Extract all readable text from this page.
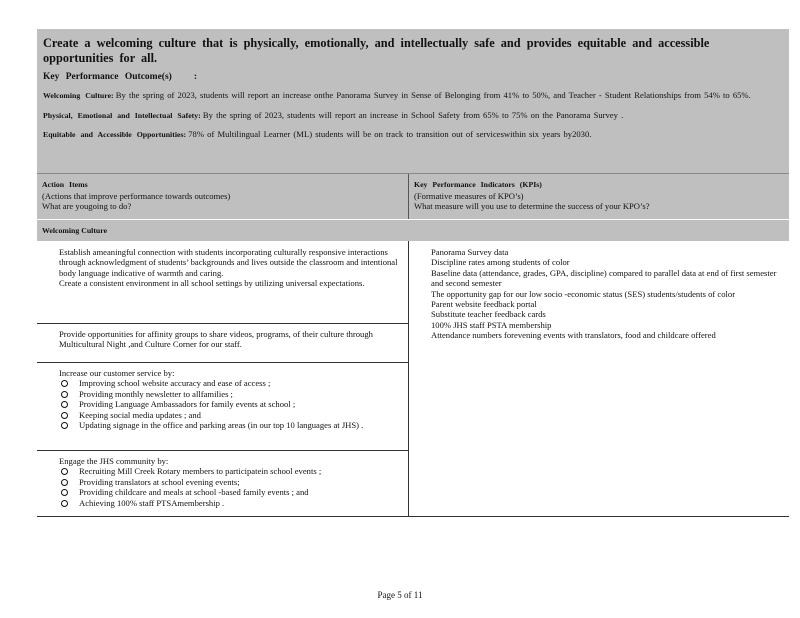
Create a welcoming culture that is physically, emotionally, and intellectually safe and provides equitable and accessible opportunities for all.

Key Performance Outcome(s) :

Welcoming Culture: By the spring of 2023, students will report an increase onthe Panorama Survey in Sense of Belonging from 41% to 50%, and Teacher - Student Relationships from 54% to 65%.

Physical, Emotional and Intellectual Safety: By the spring of 2023, students will report an increase in School Safety from 65% to 75% on the Panorama Survey .

Equitable and Accessible Opportunities: 78% of Multilingual Learner (ML) students will be on track to transition out of serviceswithin six years by2030.

Action Items
(Actions that improve performance towards outcomes)
What are yougoing to do?
Key Performance Indicators (KPIs)
(Formative measures of KPO’s)
What measure will you use to determine the success of your KPO’s?
Welcoming Culture
Establish ameaningful connection with students incorporating culturally responsive interactions through acknowledgment of students’ backgrounds and lives outside the classroom and intentional body language indicative of warmth and caring.
Create a consistent environment in all school settings by utilizing universal expectations.
Provide opportunities for affinity groups to share videos, programs, of their culture through Multicultural Night ,and Culture Corner for our staff.
Increase our customer service by:
Improving school website accuracy and ease of access ;
Providing monthly newsletter to allfamilies ;
Providing Language Ambassadors for family events at school ;
Keeping social media updates ; and
Updating signage in the office and parking areas (in our top 10 languages at JHS) .
Engage the JHS community by:
Recruiting Mill Creek Rotary members to participatein school events ;
Providing translators at school evening events;
Providing childcare and meals at school -based family events ; and
Achieving 100% staff PTSAmembership .
Panorama Survey data
Discipline rates among students of color
Baseline data (attendance, grades, GPA, discipline) compared to parallel data at end of first semester and second semester
The opportunity gap for our low socio -economic status (SES) students/students of color
Parent website feedback portal
Substitute teacher feedback cards
100% JHS staff PSTA membership
Attendance numbers forevening events with translators, food and childcare offered
Page 5 of 11
